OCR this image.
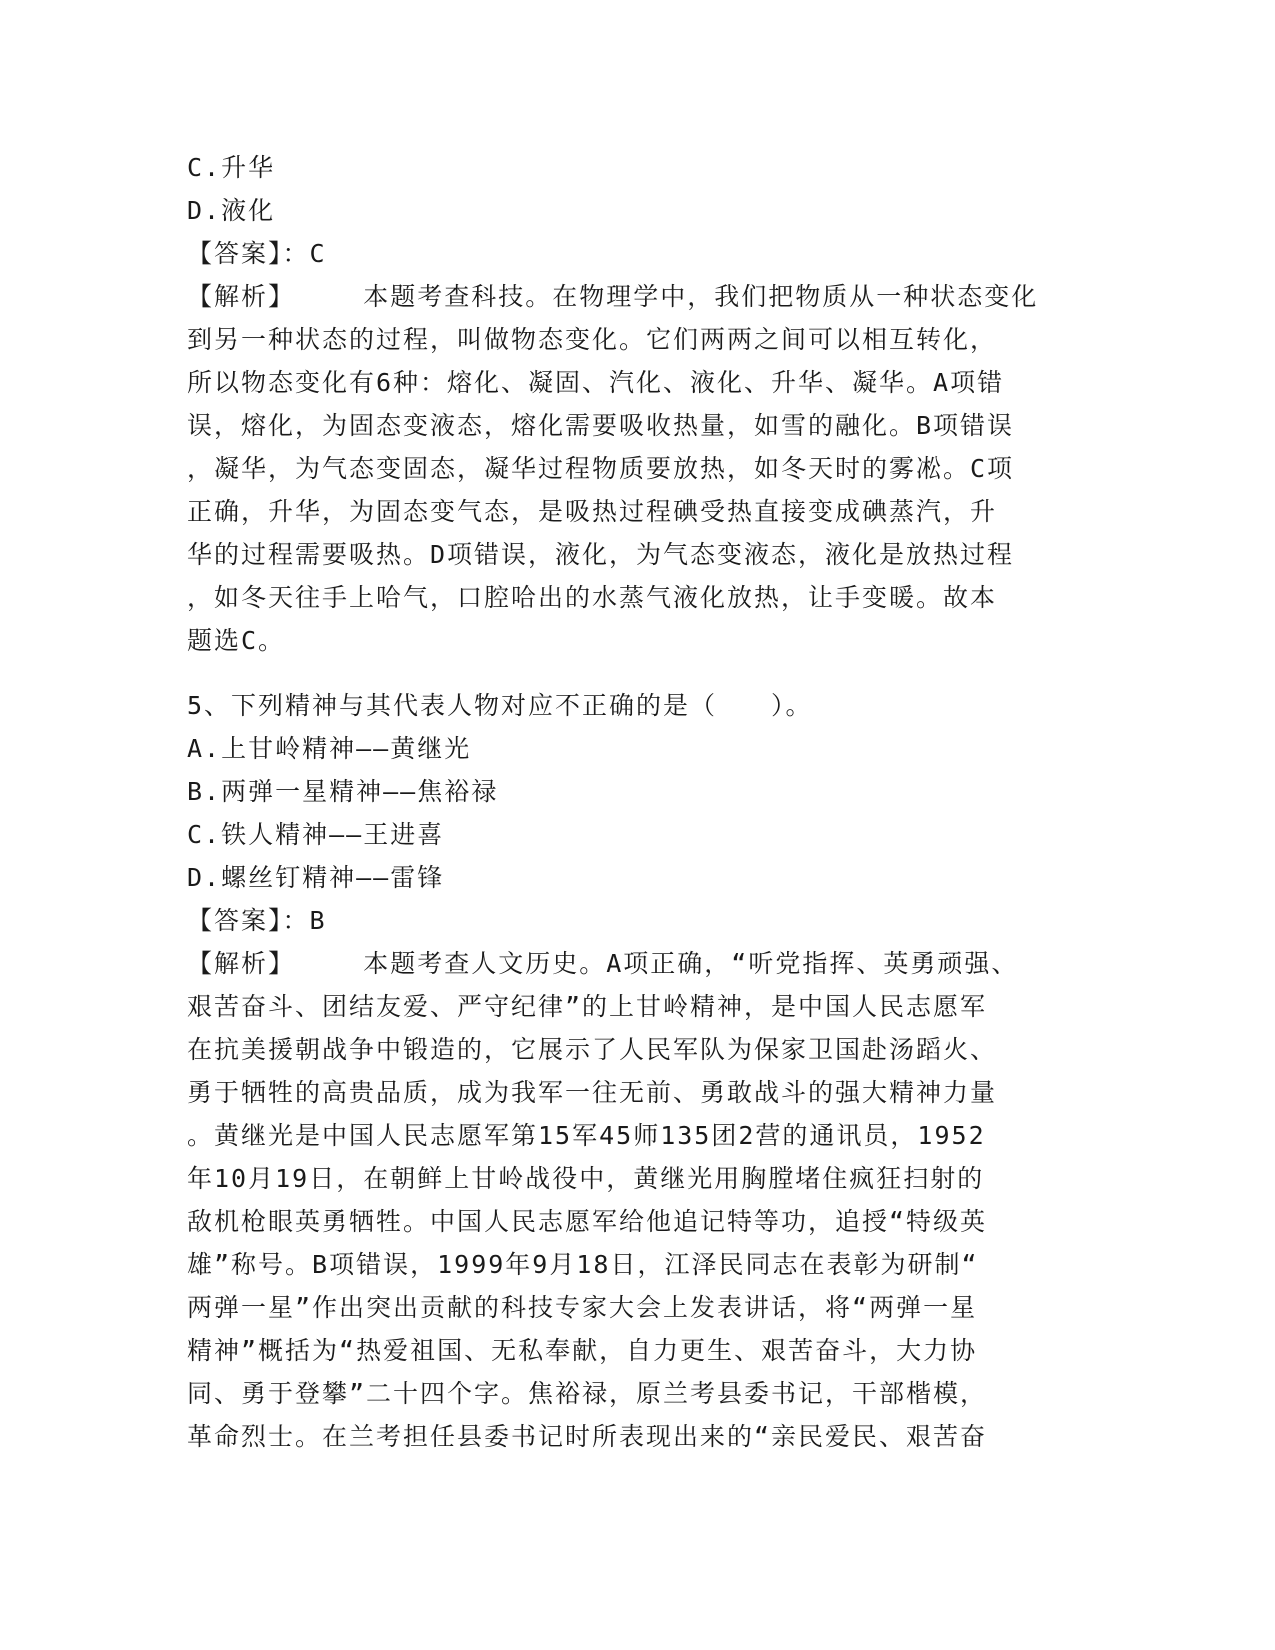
C.升华
D.液化
【答案】：C
【解析】	本题考查科技。在物理学中，我们把物质从一种状态变化
到另一种状态的过程，叫做物态变化。它们两两之间可以相互转化，
所以物态变化有6种：熔化、凝固、汽化、液化、升华、凝华。A项错
误，熔化，为固态变液态，熔化需要吸收热量，如雪的融化。B项错误
，凝华，为气态变固态，凝华过程物质要放热，如冬天时的雾凇。C项
正确，升华，为固态变气态，是吸热过程碘受热直接变成碘蒸汽，升
华的过程需要吸热。D项错误，液化，为气态变液态，液化是放热过程
，如冬天往手上哈气，口腔哈出的水蒸气液化放热，让手变暖。故本
题选C。
5、下列精神与其代表人物对应不正确的是（　　）。
A.上甘岭精神——黄继光
B.两弹一星精神——焦裕禄
C.铁人精神——王进喜
D.螺丝钉精神——雷锋
【答案】：B
【解析】	本题考查人文历史。A项正确，“听党指挥、英勇顽强、
艰苦奋斗、团结友爱、严守纪律”的上甘岭精神，是中国人民志愿军
在抗美援朝战争中锻造的，它展示了人民军队为保家卫国赴汤蹈火、
勇于牺牲的高贵品质，成为我军一往无前、勇敢战斗的强大精神力量
。黄继光是中国人民志愿军第15军45师135团2营的通讯员，1952
年10月19日，在朝鲜上甘岭战役中，黄继光用胸膛堵住疯狂扫射的
敌机枪眼英勇牺牲。中国人民志愿军给他追记特等功，追授“特级英
雄”称号。B项错误，1999年9月18日，江泽民同志在表彰为研制“
两弹一星”作出突出贡献的科技专家大会上发表讲话，将“两弹一星
精神”概括为“热爱祖国、无私奉献，自力更生、艰苦奋斗，大力协
同、勇于登攀”二十四个字。焦裕禄，原兰考县委书记，干部楷模，
革命烈士。在兰考担任县委书记时所表现出来的“亲民爱民、艰苦奋
